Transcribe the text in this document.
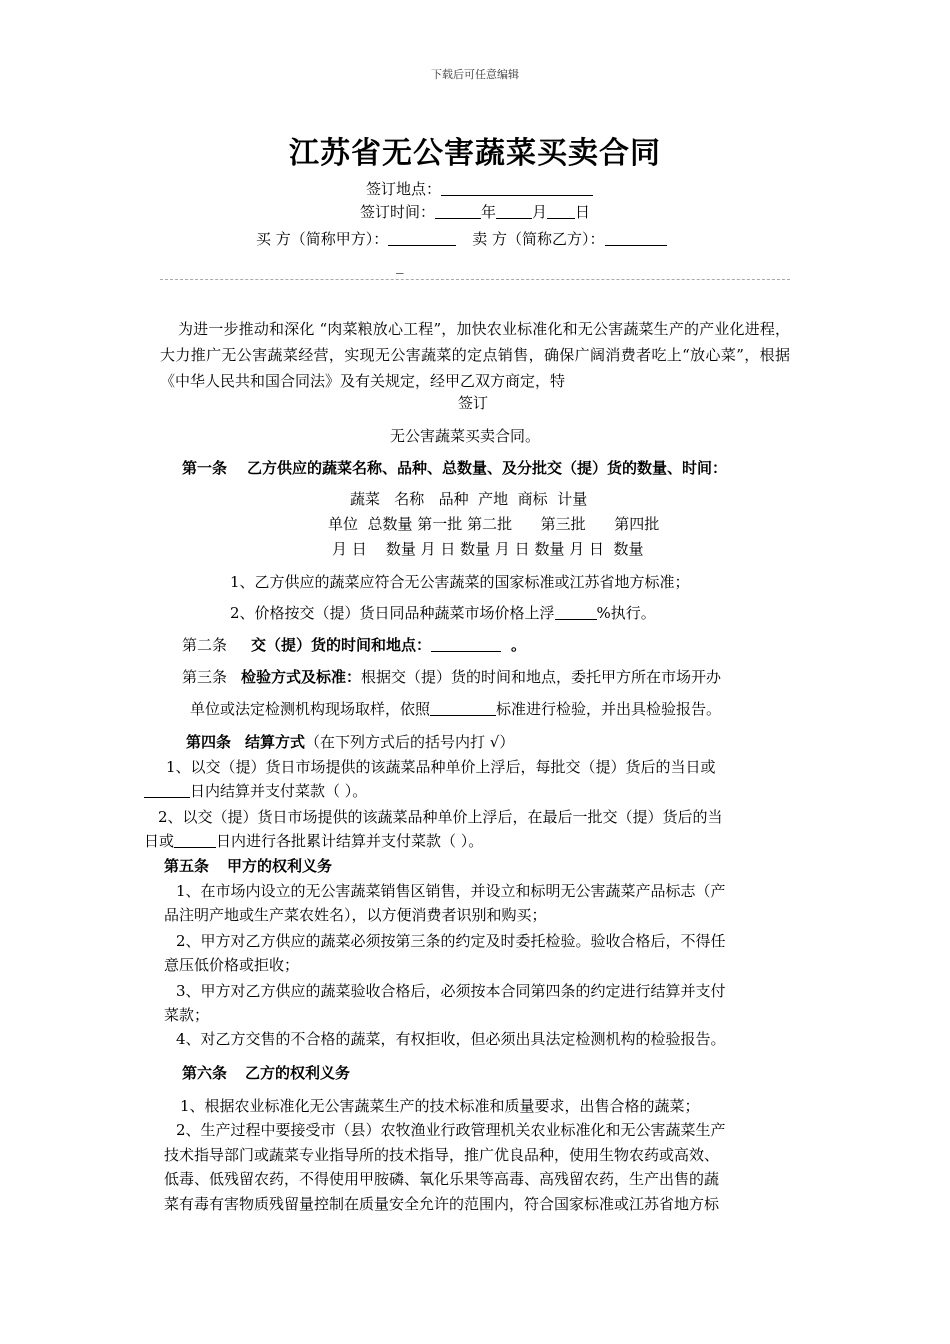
下载后可任意编辑
江苏省无公害蔬菜买卖合同
签订地点：
签订时间：	年 月 日
买 方（简称甲方）：	卖 方（简称乙方）：
_
为进一步推动和深化 “肉菜粮放心工程”，加快农业标准化和无公害蔬菜生产的产业化进程，大力推广无公害蔬菜经营，实现无公害蔬菜的定点销售，确保广阔消费者吃上“放心菜”，根据《中华人民共和国合同法》及有关规定，经甲乙双方商定，特
签订
无公害蔬菜买卖合同。
第一条 乙方供应的蔬菜名称、品种、总数量、及分批交（提）货的数量、时间：
蔬菜   名称   品种  产地  商标  计量
单位  总数量 第一批 第二批      第三批      第四批
月 日    数量 月 日 数量 月 日 数量 月 日  数量
1、乙方供应的蔬菜应符合无公害蔬菜的国家标准或江苏省地方标准；
2、价格按交（提）货日同品种蔬菜市场价格上浮	%执行。
第二条 交（提）货的时间和地点：	。
第三条 检验方式及标准：根据交（提）货的时间和地点，委托甲方所在市场开办
单位或法定检测机构现场取样，依照	标准进行检验，并出具检验报告。
第四条 结算方式（在下列方式后的括号内打 √）
1、以交（提）货日市场提供的该蔬菜品种单价上浮后，每批交（提）货后的当日或
日内结算并支付菜款（ ）。
2、以交（提）货日市场提供的该蔬菜品种单价上浮后，在最后一批交（提）货后的当
日或	日内进行各批累计结算并支付菜款（ ）。
第五条 甲方的权利义务
1、在市场内设立的无公害蔬菜销售区销售，并设立和标明无公害蔬菜产品标志（产
品注明产地或生产菜农姓名），以方便消费者识别和购买；
2、甲方对乙方供应的蔬菜必须按第三条的约定及时委托检验。验收合格后，不得任
意压低价格或拒收；
3、甲方对乙方供应的蔬菜验收合格后，必须按本合同第四条的约定进行结算并支付
菜款；
4、对乙方交售的不合格的蔬菜，有权拒收，但必须出具法定检测机构的检验报告。
第六条 乙方的权利义务
1、根据农业标准化无公害蔬菜生产的技术标准和质量要求，出售合格的蔬菜；
2、生产过程中要接受市（县）农牧渔业行政管理机关农业标准化和无公害蔬菜生产
技术指导部门或蔬菜专业指导所的技术指导，推广优良品种，使用生物农药或高效、
低毒、低残留农药，不得使用甲胺磷、氧化乐果等高毒、高残留农药，生产出售的蔬
菜有毒有害物质残留量控制在质量安全允许的范围内，符合国家标准或江苏省地方标
